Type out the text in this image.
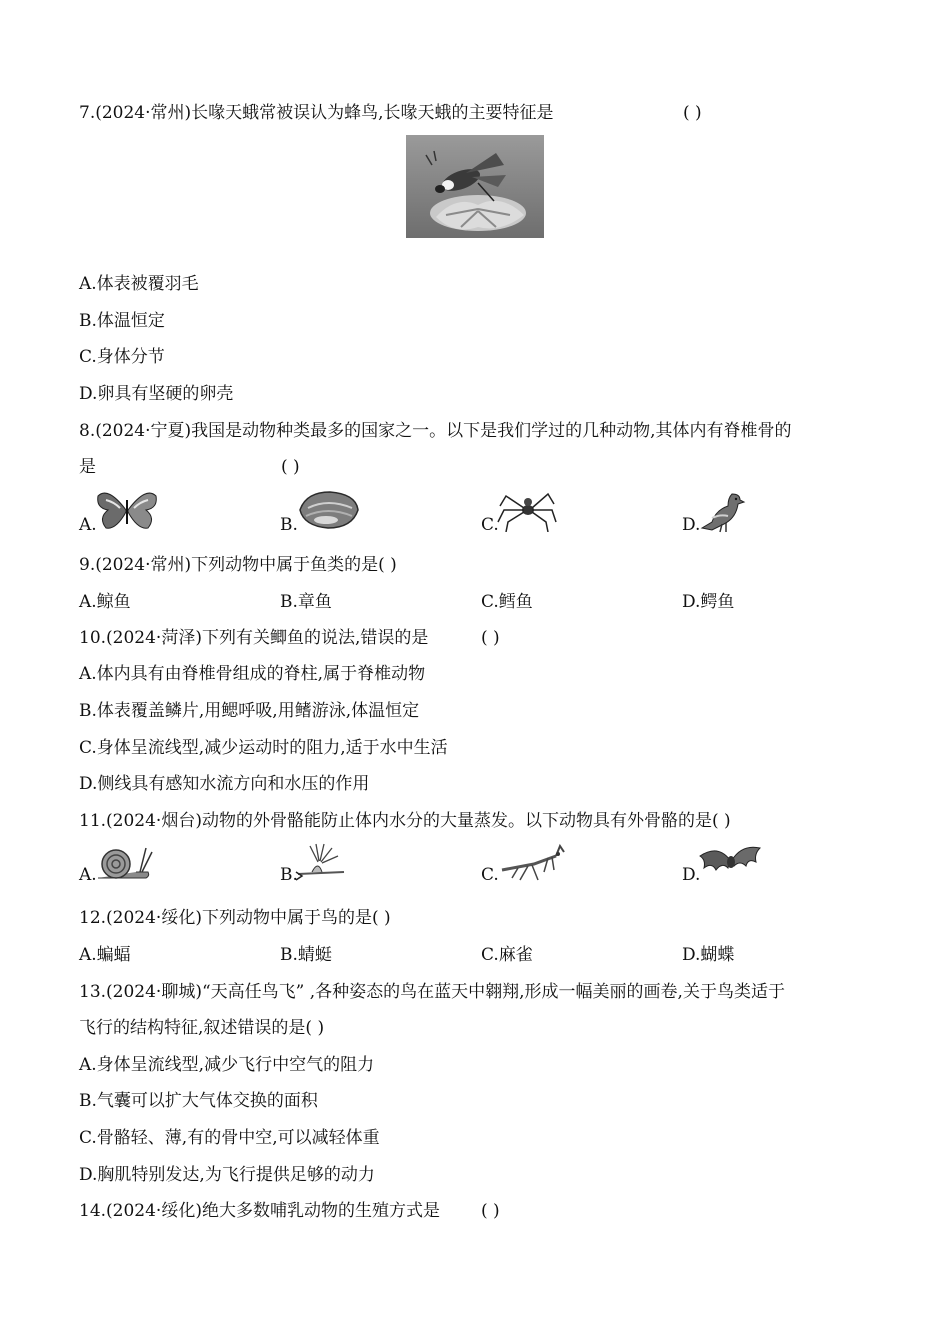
7.(2024·常州)长喙天蛾常被误认为蜂鸟,长喙天蛾的主要特征是	( )
A.体表被覆羽毛
B.体温恒定
C.身体分节
D.卵具有坚硬的卵壳
8.(2024·宁夏)我国是动物种类最多的国家之一。以下是我们学过的几种动物,其体内有脊椎骨的
是	( )
A.	B.	C.	D.
9.(2024·常州)下列动物中属于鱼类的是( )
A.鲸鱼	B.章鱼	C.鳕鱼	D.鳄鱼
10.(2024·菏泽)下列有关鲫鱼的说法,错误的是	( )
A.体内具有由脊椎骨组成的脊柱,属于脊椎动物
B.体表覆盖鳞片,用鳃呼吸,用鳍游泳,体温恒定
C.身体呈流线型,减少运动时的阻力,适于水中生活
D.侧线具有感知水流方向和水压的作用
11.(2024·烟台)动物的外骨骼能防止体内水分的大量蒸发。以下动物具有外骨骼的是( )
A.	B.	C.	D.
12.(2024·绥化)下列动物中属于鸟的是( )
A.蝙蝠	B.蜻蜓	C.麻雀	D.蝴蝶
13.(2024·聊城)“天高任鸟飞” ,各种姿态的鸟在蓝天中翱翔,形成一幅美丽的画卷,关于鸟类适于
飞行的结构特征,叙述错误的是( )
A.身体呈流线型,减少飞行中空气的阻力
B.气囊可以扩大气体交换的面积
C.骨骼轻、薄,有的骨中空,可以减轻体重
D.胸肌特别发达,为飞行提供足够的动力
14.(2024·绥化)绝大多数哺乳动物的生殖方式是 ( )
